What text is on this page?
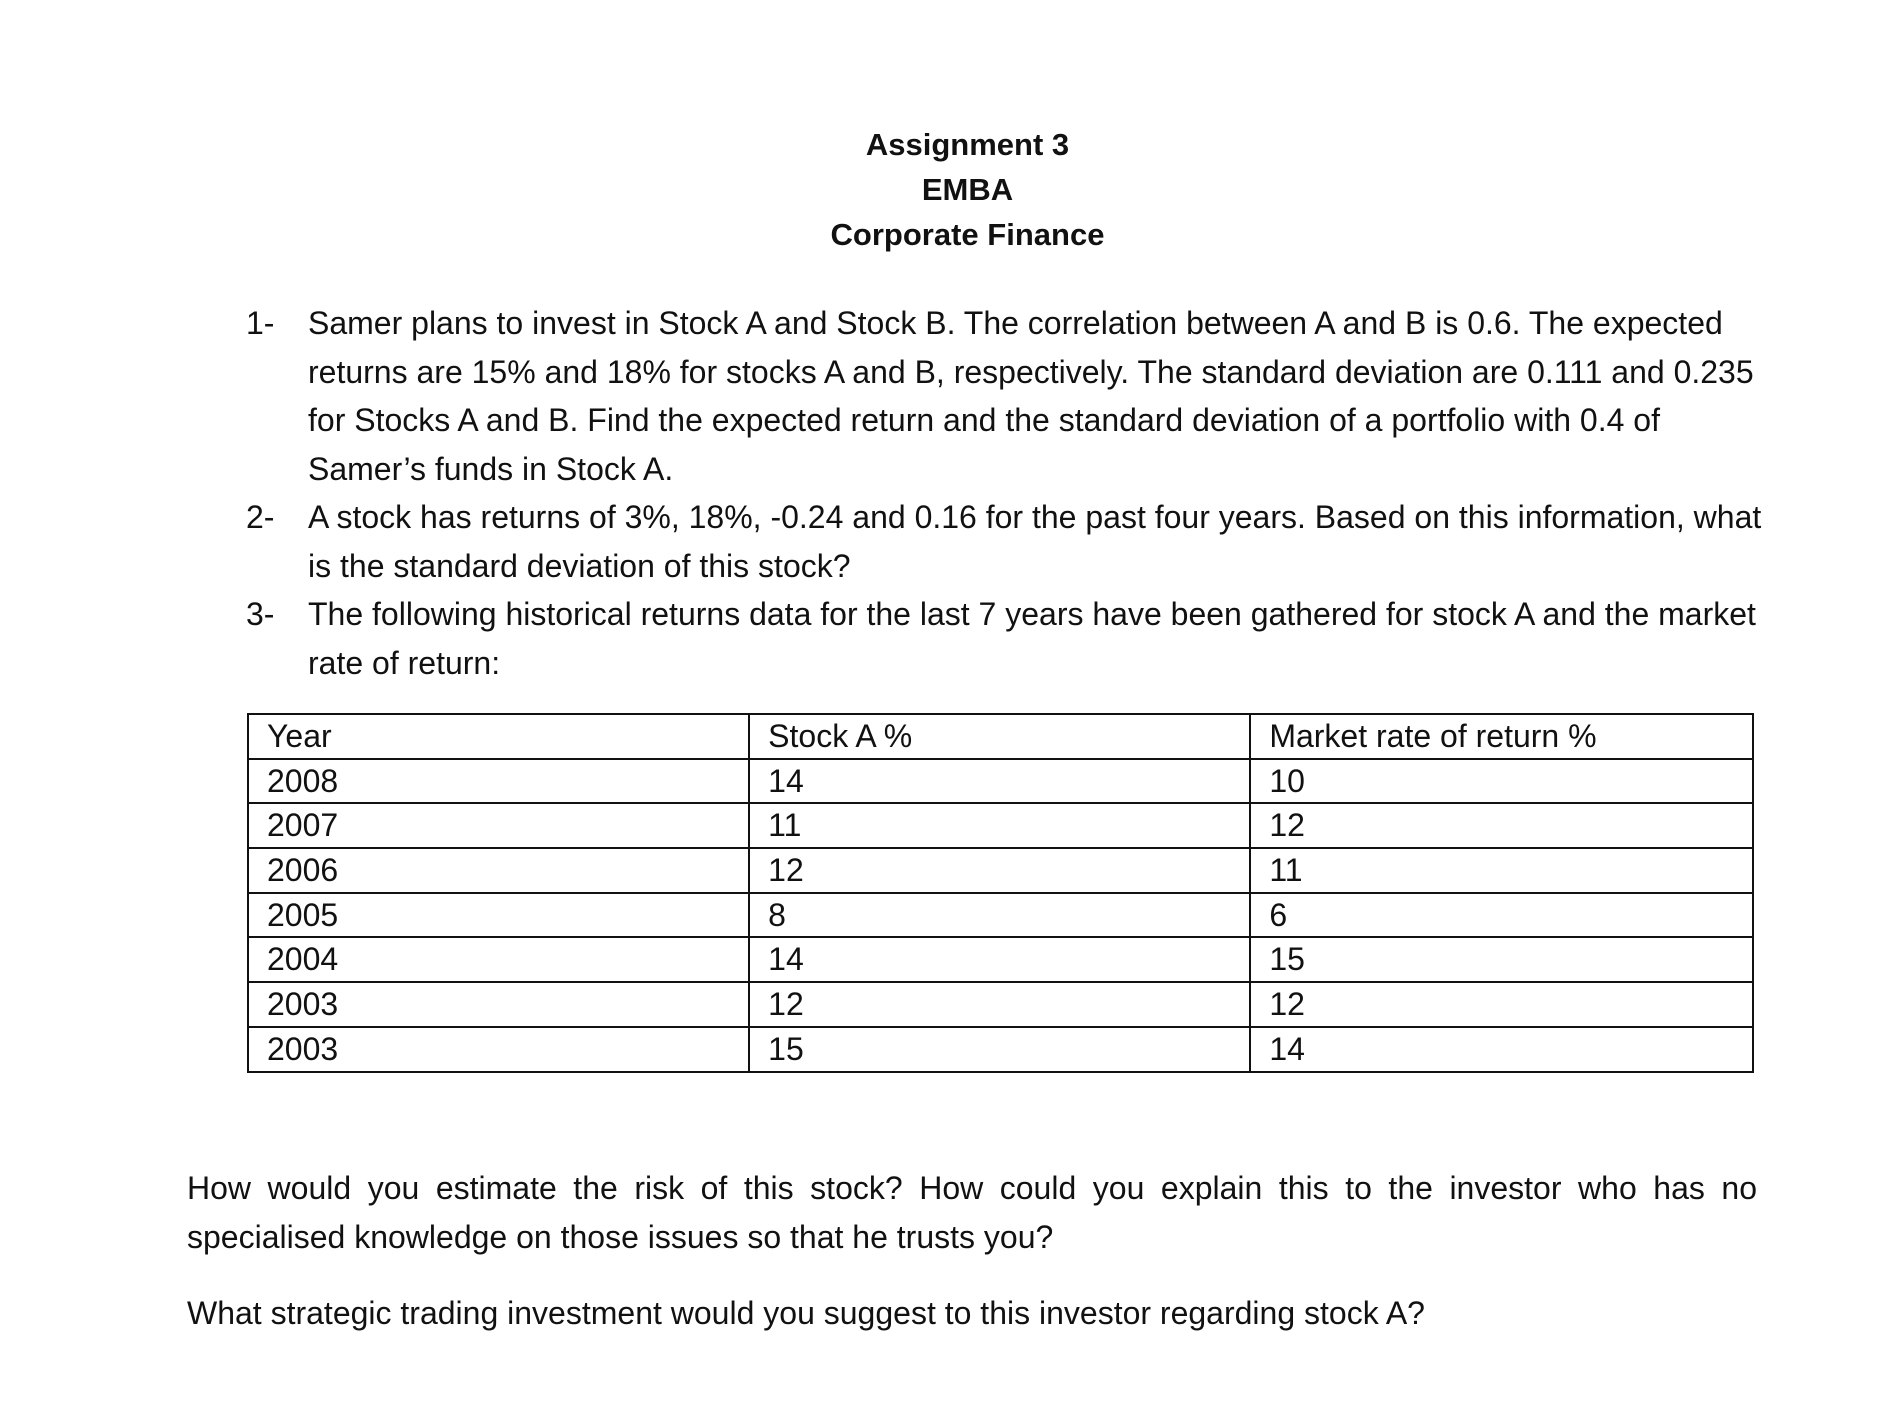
Assignment 3
EMBA
Corporate Finance
1-	Samer plans to invest in Stock A and Stock B. The correlation between A and B is 0.6. The expected returns are 15% and 18% for stocks A and B, respectively. The standard deviation are 0.111 and 0.235 for Stocks A and B. Find the expected return and the standard deviation of a portfolio with 0.4 of Samer’s funds in Stock A.
2-	A stock has returns of 3%, 18%, -0.24 and 0.16 for the past four years. Based on this information, what is the standard deviation of this stock?
3-	The following historical returns data for the last 7 years have been gathered for stock A and the market rate of return:
Year	Stock A %	Market rate of return %
2008	14	10
2007	11	12
2006	12	11
2005	8	6
2004	14	15
2003	12	12
2003	15	14

How would you estimate the risk of this stock? How could you explain this to the investor who has no specialised knowledge on those issues so that he trusts you?

What strategic trading investment would you suggest to this investor regarding stock A?
